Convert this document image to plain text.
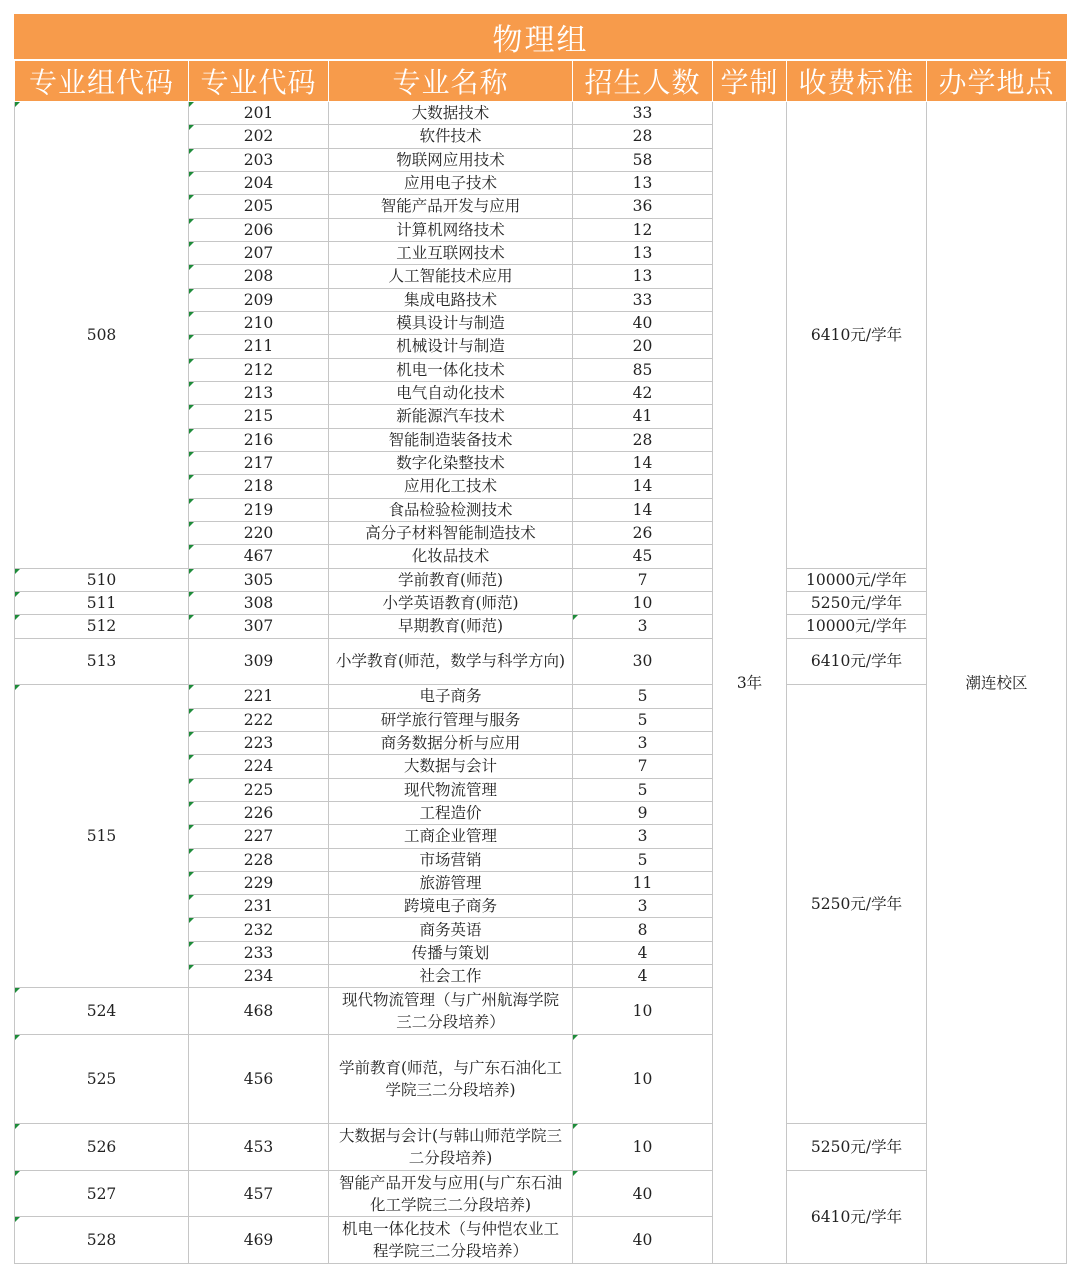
物理组							
专业组代码	专业代码	专业名称	招生人数	学制	收费标准	办学地点	
508	201	大数据技术	33	3年	6410元/学年	潮连校区	
	202	软件技术	28				
	203	物联网应用技术	58				
	204	应用电子技术	13				
	205	智能产品开发与应用	36				
	206	计算机网络技术	12				
	207	工业互联网技术	13				
	208	人工智能技术应用	13				
	209	集成电路技术	33				
	210	模具设计与制造	40				
	211	机械设计与制造	20				
	212	机电一体化技术	85				
	213	电气自动化技术	42				
	215	新能源汽车技术	41				
	216	智能制造装备技术	28				
	217	数字化染整技术	14				
	218	应用化工技术	14				
	219	食品检验检测技术	14				
	220	高分子材料智能制造技术	26				
	467	化妆品技术	45				
510	305	学前教育(师范)	7		10000元/学年		
511	308	小学英语教育(师范)	10		5250元/学年		
512	307	早期教育(师范)	3		10000元/学年		
513	309	小学教育(师范，数学与科学方向)	30		6410元/学年		
515	221	电子商务	5		5250元/学年		
	222	研学旅行管理与服务	5				
	223	商务数据分析与应用	3				
	224	大数据与会计	7				
	225	现代物流管理	5				
	226	工程造价	9				
	227	工商企业管理	3				
	228	市场营销	5				
	229	旅游管理	11				
	231	跨境电子商务	3				
	232	商务英语	8				
	233	传播与策划	4				
	234	社会工作	4				
524	468	现代物流管理（与广州航海学院三二分段培养）	10				
525	456	学前教育(师范，与广东石油化工学院三二分段培养)	10	
526	453	大数据与会计(与韩山师范学院三二分段培养)	10		5250元/学年		
527	457	智能产品开发与应用(与广东石油化工学院三二分段培养)	40		6410元/学年		
528	469	机电一体化技术（与仲恺农业工程学院三二分段培养）	40				
